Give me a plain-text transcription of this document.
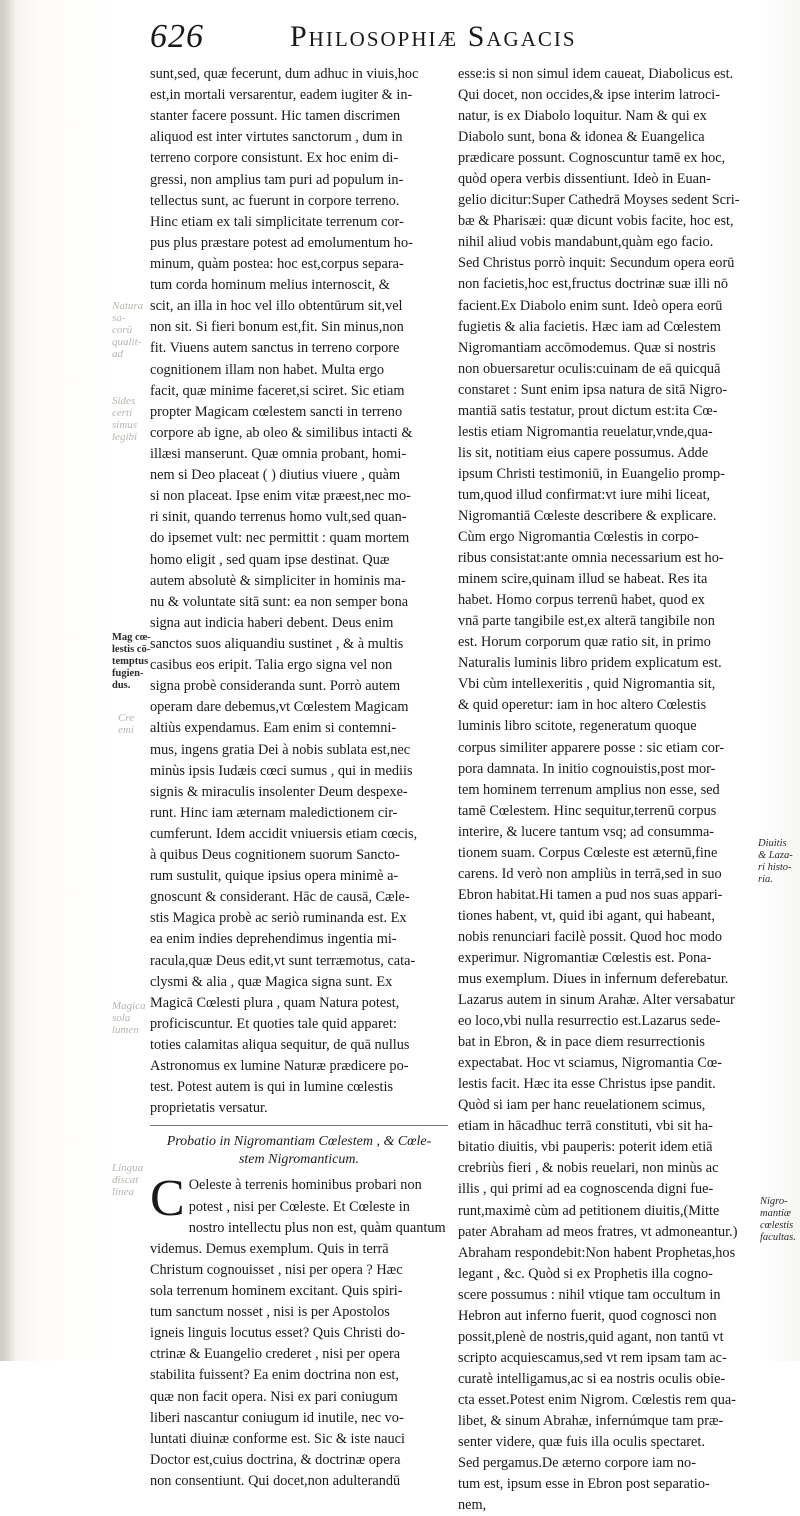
626	Philosophiæ Sagacis
sunt,sed, quæ fecerunt, dum adhuc in viuis,hoc
est,in mortali versarentur, eadem iugiter & in-
stanter facere possunt. Hic tamen discrimen
aliquod est inter virtutes sanctorum , dum in
terreno corpore consistunt. Ex hoc enim di-
gressi, non amplius tam puri ad populum in-
tellectus sunt, ac fuerunt in corpore terreno.
Hinc etiam ex tali simplicitate terrenum cor-
pus plus præstare potest ad emolumentum ho-
minum, quàm postea: hoc est,corpus separa-
tum corda hominum melius internoscit, &
scit, an illa in hoc vel illo obtentūrum sit,vel
non sit. Si fieri bonum est,fit. Sin minus,non
fit. Viuens autem sanctus in terreno corpore
cognitionem illam non habet. Multa ergo
facit, quæ minime faceret,si sciret. Sic etiam
propter Magicam cœlestem sancti in terreno
corpore ab igne, ab oleo & similibus intacti &
illæsi manserunt. Quæ omnia probant, homi-
nem si Deo placeat ( ) diutius viuere , quàm
si non placeat. Ipse enim vitæ præest,nec mo-
ri sinit, quando terrenus homo vult,sed quan-
do ipsemet vult: nec permittit : quam mortem
homo eligit , sed quam ipse destinat. Quæ
autem absolutè & simpliciter in hominis ma-
nu & voluntate sitā sunt: ea non semper bona
signa aut indicia haberi debent. Deus enim
sanctos suos aliquandiu sustinet , & à multis
casibus eos eripit. Talia ergo signa vel non
signa probè consideranda sunt. Porrò autem
operam dare debemus,vt Cœlestem Magicam
altiùs expendamus. Eam enim si contemni-
mus, ingens gratia Dei à nobis sublata est,nec
minùs ipsis Iudæis cœci sumus , qui in mediis
signis & miraculis insolenter Deum despexe-
runt. Hinc iam æternam maledictionem cir-
cumferunt. Idem accidit vniuersis etiam cœcis,
à quibus Deus cognitionem suorum Sancto-
rum sustulit, quique ipsius opera minimè a-
gnoscunt & considerant. Hāc de causā, Cæle-
stis Magica probè ac seriò ruminanda est. Ex
ea enim indies deprehendimus ingentia mi-
racula,quæ Deus edit,vt sunt terræmotus, cata-
clysmi & alia , quæ Magica signa sunt. Ex
Magicā Cœlesti plura , quam Natura potest,
proficiscuntur. Et quoties tale quid apparet:
toties calamitas aliqua sequitur, de quā nullus
Astronomus ex lumine Naturæ prædicere po-
test. Potest autem is qui in lumine cœlestis
proprietatis versatur.
Probatio in Nigromantiam Cœlestem , & Cœle-
stem Nigromanticum.
C Oeleste à terrenis hominibus probari non
potest , nisi per Cœleste. Et Cœleste in
nostro intellectu plus non est, quàm quantum
videmus. Demus exemplum. Quis in terrā
Christum cognouisset , nisi per opera ? Hæc
sola terrenum hominem excitant. Quis spiri-
tum sanctum nosset , nisi is per Apostolos
igneis linguis locutus esset? Quis Christi do-
ctrinæ & Euangelio crederet , nisi per opera
stabilita fuissent? Ea enim doctrina non est,
quæ non facit opera. Nisi ex pari coniugum
liberi nascantur coniugum id inutile, nec vo-
luntati diuinæ conforme est. Sic & iste nauci
Doctor est,cuius doctrina, & doctrinæ opera
non consentiunt. Qui docet,non adulterandū
esse:is si non simul idem caueat, Diabolicus est.
Qui docet, non occides,& ipse interim latroci-
natur, is ex Diabolo loquitur. Nam & qui ex
Diabolo sunt, bona & idonea & Euangelica
prædicare possunt. Cognoscuntur tamē ex hoc,
quòd opera verbis dissentiunt. Ideò in Euan-
gelio dicitur:Super Cathedrā Moyses sedent Scri-
bæ & Pharisæi: quæ dicunt vobis facite, hoc est,
nihil aliud vobis mandabunt,quàm ego facio.
Sed Christus porrò inquit: Secundum opera eorū
non facietis,hoc est,fructus doctrinæ suæ illi nō
facient.Ex Diabolo enim sunt. Ideò opera eorū
fugietis & alia facietis. Hæc iam ad Cœlestem
Nigromantiam accōmodemus. Quæ si nostris
non obuersaretur oculis:cuinam de eā quicquā
constaret : Sunt enim ipsa natura de sitā Nigro-
mantiā satis testatur, prout dictum est:ita Cœ-
lestis etiam Nigromantia reuelatur,vnde,qua-
lis sit, notitiam eius capere possumus. Adde
ipsum Christi testimoniū, in Euangelio promp-
tum,quod illud confirmat:vt iure mihi liceat,
Nigromantiā Cœleste describere & explicare.
Cùm ergo Nigromantia Cœlestis in corpo-
ribus consistat:ante omnia necessarium est ho-
minem scire,quinam illud se habeat. Res ita
habet. Homo corpus terrenū habet, quod ex
vnā parte tangibile est,ex alterā tangibile non
est. Horum corporum quæ ratio sit, in primo
Naturalis luminis libro pridem explicatum est.
Vbi cùm intellexeritis , quid Nigromantia sit,
& quid operetur: iam in hoc altero Cœlestis
luminis libro scitote, regeneratum quoque
corpus similiter apparere posse : sic etiam cor-
pora damnata. In initio cognouistis,post mor-
tem hominem terrenum amplius non esse, sed
tamē Cœlestem. Hinc sequitur,terrenū corpus
interire, & lucere tantum vsq; ad consumma-
tionem suam. Corpus Cœleste est æternū,fine
carens. Id verò non ampliùs in terrā,sed in suo
Ebron habitat.Hi tamen a pud nos suas appari-
tiones habent, vt, quid ibi agant, qui habeant,
nobis renunciari facilè possit. Quod hoc modo
experimur. Nigromantiæ Cœlestis est. Pona-
mus exemplum. Diues in infernum deferebatur.
Lazarus autem in sinum Arahæ. Alter versabatur
eo loco,vbi nulla resurrectio est.Lazarus sede-
bat in Ebron, & in pace diem resurrectionis
expectabat. Hoc vt sciamus, Nigromantia Cœ-
lestis facit. Hæc ita esse Christus ipse pandit.
Quòd si iam per hanc reuelationem scimus,
etiam in hācadhuc terrā constituti, vbi sit ha-
bitatio diuitis, vbi pauperis: poterit idem etiā
crebriùs fieri , & nobis reuelari, non minùs ac
illis , qui primi ad ea cognoscenda digni fue-
runt,maximè cùm ad petitionem diuitis,(Mitte
pater Abraham ad meos fratres, vt admoneantur.)
Abraham respondebit:Non habent Prophetas,hos
legant , &c. Quòd si ex Prophetis illa cogno-
scere possumus : nihil vtique tam occultum in
Hebron aut inferno fuerit, quod cognosci non
possit,plenè de nostris,quid agant, non tantū vt
scripto acquiescamus,sed vt rem ipsam tam ac-
curatè intelligamus,ac si ea nostris oculis obie-
cta esset.Potest enim Nigrom. Cœlestis rem qua-
libet, & sinum Abrahæ, infernúmque tam præ-
senter videre, quæ fuis illa oculis spectaret.
Sed pergamus.De æterno corpore iam no-
tum est, ipsum esse in Ebron post separatio-
nem,
Natura
sa-
corū
qualit-
ad
Sides
certi
simus
legibi
Mag cœ-
lestis cō-
temptus
fugien-
dus.
Cre
emi
Magica
sola
lumen
Lingua
discat
linea
Diuitis
& Laza-
ri histo-
ria.
Nigro-
mantiæ
cœlestis
facultas.
